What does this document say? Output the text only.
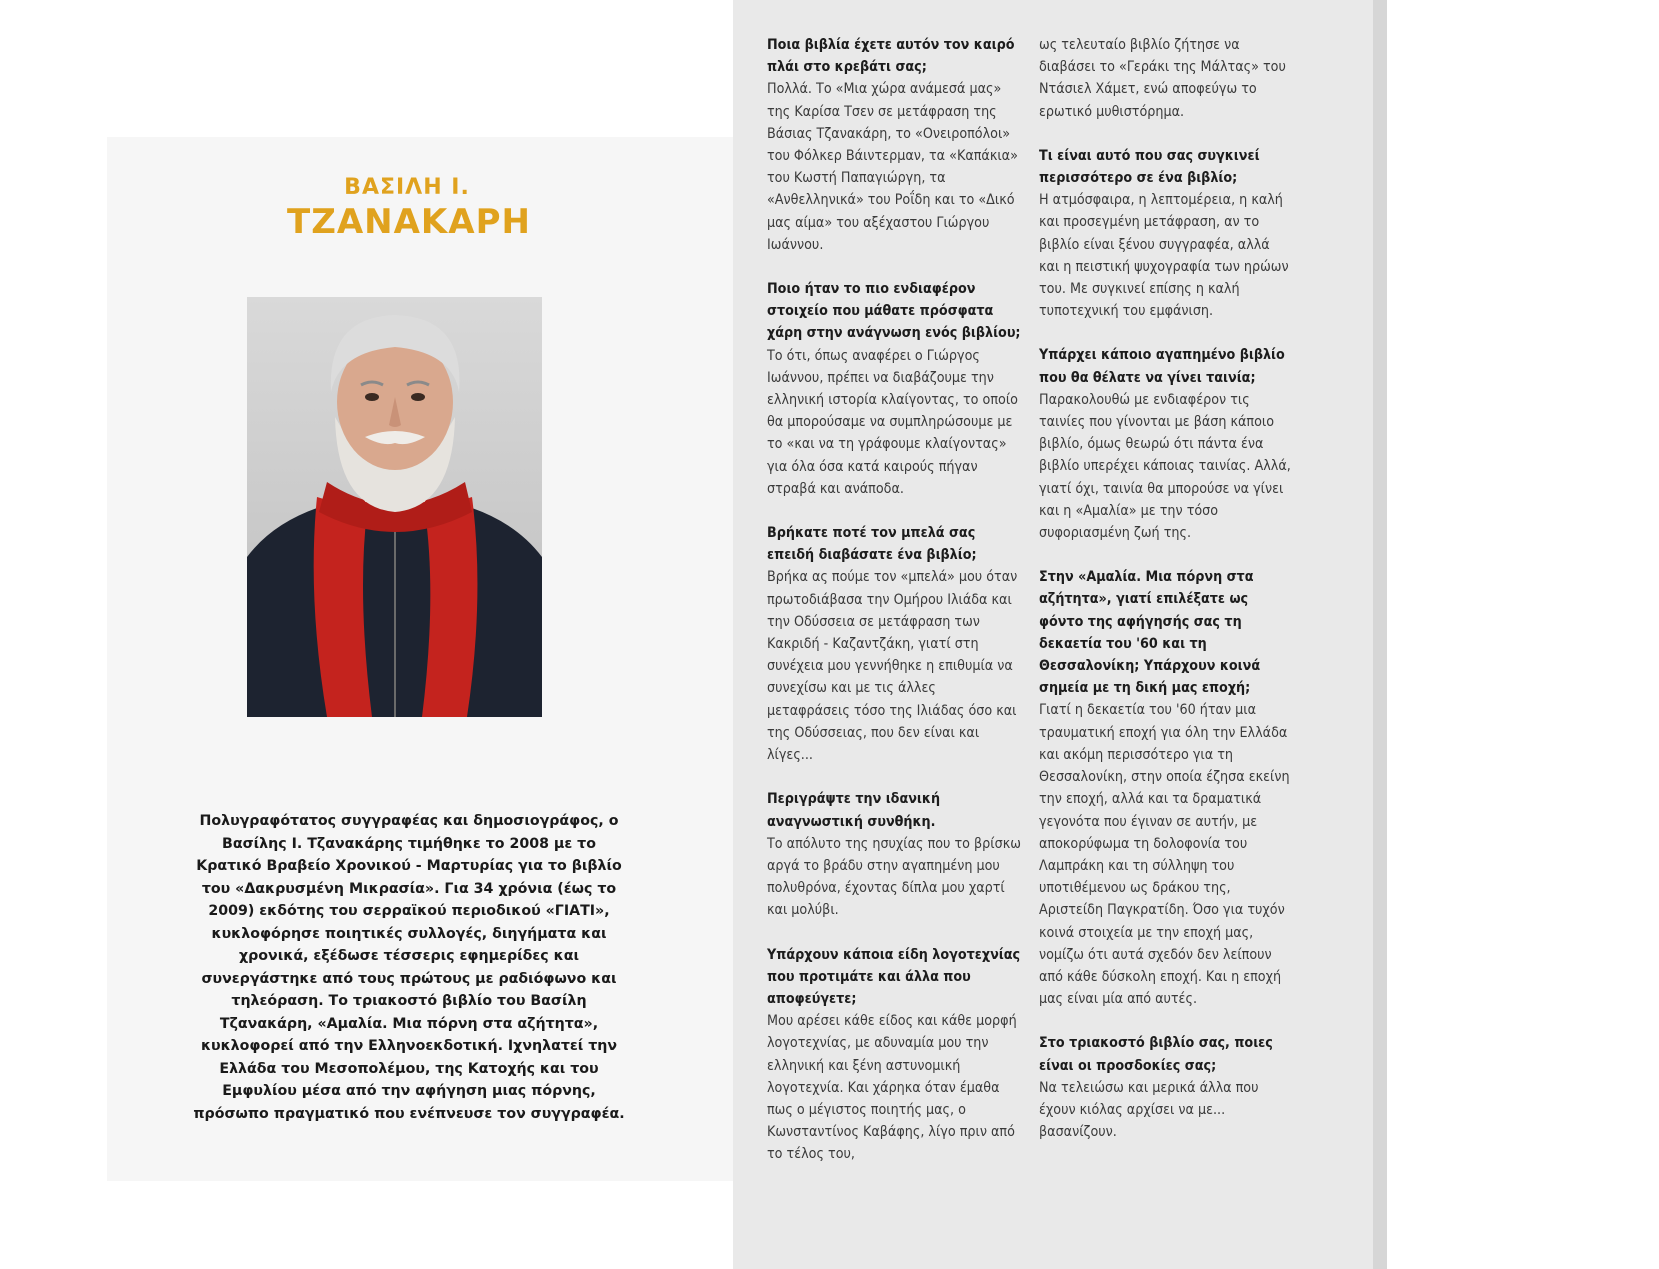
ΒΑΣΙΛΗ Ι.
ΤΖΑΝΑΚΑΡΗ
Πολυγραφότατος συγγραφέας και δημοσιογράφος, ο Βασίλης Ι. Τζανακάρης τιμήθηκε το 2008 με το Κρατικό Βραβείο Χρονικού - Μαρτυρίας για το βιβλίο του «Δακρυσμένη Μικρασία». Για 34 χρόνια (έως το 2009) εκδότης του σερραϊκού περιοδικού «ΓΙΑΤΙ», κυκλοφόρησε ποιητικές συλλογές, διηγήματα και χρονικά, εξέδωσε τέσσερις εφημερίδες και συνεργάστηκε από τους πρώτους με ραδιόφωνο και τηλεόραση. Το τριακοστό βιβλίο του Βασίλη Τζανακάρη, «Αμαλία. Μια πόρνη στα αζήτητα», κυκλοφορεί από την Ελληνοεκδοτική. Ιχνηλατεί την Ελλάδα του Μεσοπολέμου, της Κατοχής και του Εμφυλίου μέσα από την αφήγηση μιας πόρνης, πρόσωπο πραγματικό που ενέπνευσε τον συγγραφέα.
Ποια βιβλία έχετε αυτόν τον καιρό πλάι στο κρεβάτι σας;
Πολλά. Το «Μια χώρα ανάμεσά μας» της Καρίσα Τσεν σε μετάφραση της Βάσιας Τζανακάρη, το «Ονειροπόλοι» του Φόλκερ Βάιντερμαν, τα «Καπάκια» του Κωστή Παπαγιώργη, τα «Ανθελληνικά» του Ροΐδη και το «Δικό μας αίμα» του αξέχαστου Γιώργου Ιωάννου.
Ποιο ήταν το πιο ενδιαφέρον στοιχείο που μάθατε πρόσφατα χάρη στην ανάγνωση ενός βιβλίου;
Το ότι, όπως αναφέρει ο Γιώργος Ιωάννου, πρέπει να διαβάζουμε την ελληνική ιστορία κλαίγοντας, το οποίο θα μπορούσαμε να συμπληρώσουμε με το «και να τη γράφουμε κλαίγοντας» για όλα όσα κατά καιρούς πήγαν στραβά και ανάποδα.
Βρήκατε ποτέ τον μπελά σας επειδή διαβάσατε ένα βιβλίο;
Βρήκα ας πούμε τον «μπελά» μου όταν πρωτοδιάβασα την Ομήρου Ιλιάδα και την Οδύσσεια σε μετάφραση των Κακριδή - Καζαντζάκη, γιατί στη συνέχεια μου γεννήθηκε η επιθυμία να συνεχίσω και με τις άλλες μεταφράσεις τόσο της Ιλιάδας όσο και της Οδύσσειας, που δεν είναι και λίγες...
Περιγράψτε την ιδανική αναγνωστική συνθήκη.
Το απόλυτο της ησυχίας που το βρίσκω αργά το βράδυ στην αγαπημένη μου πολυθρόνα, έχοντας δίπλα μου χαρτί και μολύβι.
Υπάρχουν κάποια είδη λογοτεχνίας που προτιμάτε και άλλα που αποφεύγετε;
Μου αρέσει κάθε είδος και κάθε μορφή λογοτεχνίας, με αδυναμία μου την ελληνική και ξένη αστυνομική λογοτεχνία. Και χάρηκα όταν έμαθα πως ο μέγιστος ποιητής μας, ο Κωνσταντίνος Καβάφης, λίγο πριν από το τέλος του,
ως τελευταίο βιβλίο ζήτησε να διαβάσει το «Γεράκι της Μάλτας» του Ντάσιελ Χάμετ, ενώ αποφεύγω το ερωτικό μυθιστόρημα.
Τι είναι αυτό που σας συγκινεί περισσότερο σε ένα βιβλίο;
Η ατμόσφαιρα, η λεπτομέρεια, η καλή και προσεγμένη μετάφραση, αν το βιβλίο είναι ξένου συγγραφέα, αλλά και η πειστική ψυχογραφία των ηρώων του. Με συγκινεί επίσης η καλή τυποτεχνική του εμφάνιση.
Υπάρχει κάποιο αγαπημένο βιβλίο που θα θέλατε να γίνει ταινία;
Παρακολουθώ με ενδιαφέρον τις ταινίες που γίνονται με βάση κάποιο βιβλίο, όμως θεωρώ ότι πάντα ένα βιβλίο υπερέχει κάποιας ταινίας. Αλλά, γιατί όχι, ταινία θα μπορούσε να γίνει και η «Αμαλία» με την τόσο συφοριασμένη ζωή της.
Στην «Αμαλία. Μια πόρνη στα αζήτητα», γιατί επιλέξατε ως φόντο της αφήγησής σας τη δεκαετία του '60 και τη Θεσσαλονίκη; Υπάρχουν κοινά σημεία με τη δική μας εποχή;
Γιατί η δεκαετία του '60 ήταν μια τραυματική εποχή για όλη την Ελλάδα και ακόμη περισσότερο για τη Θεσσαλονίκη, στην οποία έζησα εκείνη την εποχή, αλλά και τα δραματικά γεγονότα που έγιναν σε αυτήν, με αποκορύφωμα τη δολοφονία του Λαμπράκη και τη σύλληψη του υποτιθέμενου ως δράκου της, Αριστείδη Παγκρατίδη. Όσο για τυχόν κοινά στοιχεία με την εποχή μας, νομίζω ότι αυτά σχεδόν δεν λείπουν από κάθε δύσκολη εποχή. Και η εποχή μας είναι μία από αυτές.
Στο τριακοστό βιβλίο σας, ποιες είναι οι προσδοκίες σας;
Να τελειώσω και μερικά άλλα που έχουν κιόλας αρχίσει να με... βασανίζουν.
